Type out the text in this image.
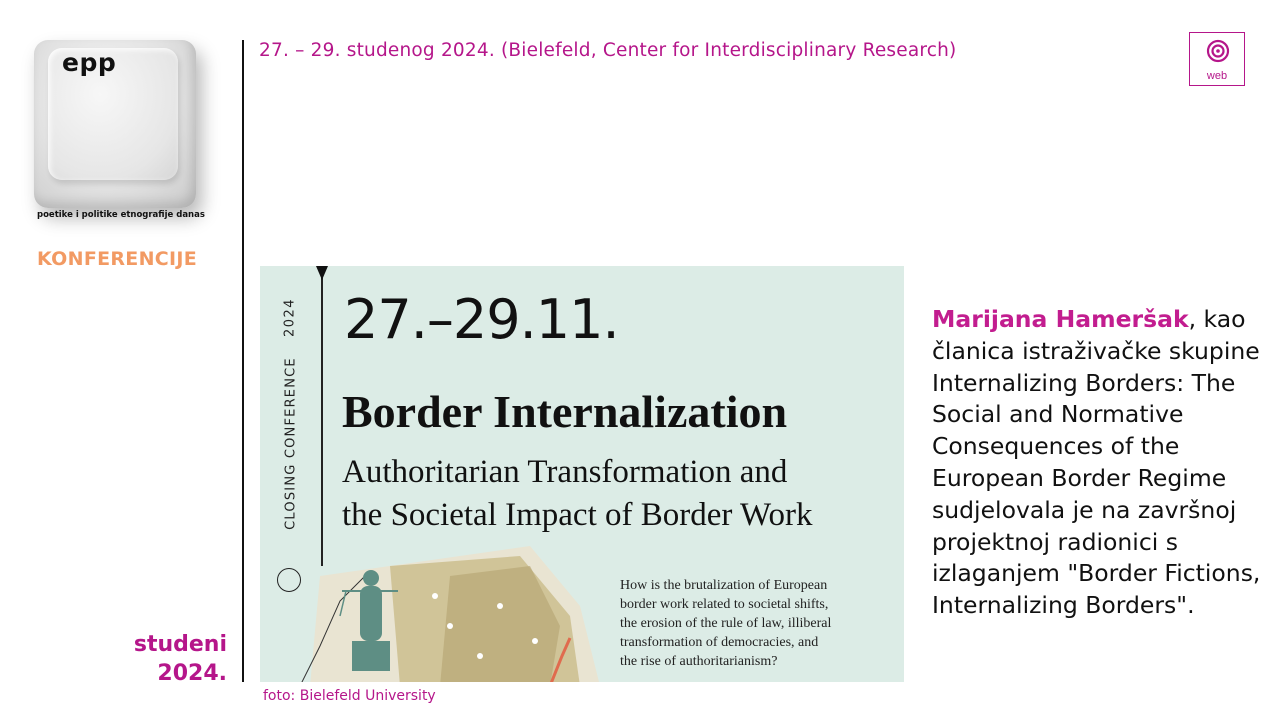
epp
poetike i politike etnografije danas
KONFERENCIJE
studeni
2024.
27. – 29. studenog 2024. (Bielefeld, Center for Interdisciplinary Research)
web
2024
CLOSING CONFERENCE
27.–29.11.
Border Internalization
Authoritarian Transformation and
the Societal Impact of Border Work
How is the brutalization of European
border work related to societal shifts,
the erosion of the rule of law, illiberal
transformation of democracies, and
the rise of authoritarianism?
foto: Bielefeld University
Marijana Hameršak, kao članica istraživačke skupine Internalizing Borders: The Social and Normative Consequences of the European Border Regime sudjelovala je na završnoj projektnoj radionici s izlaganjem "Border Fictions, Internalizing Borders".
